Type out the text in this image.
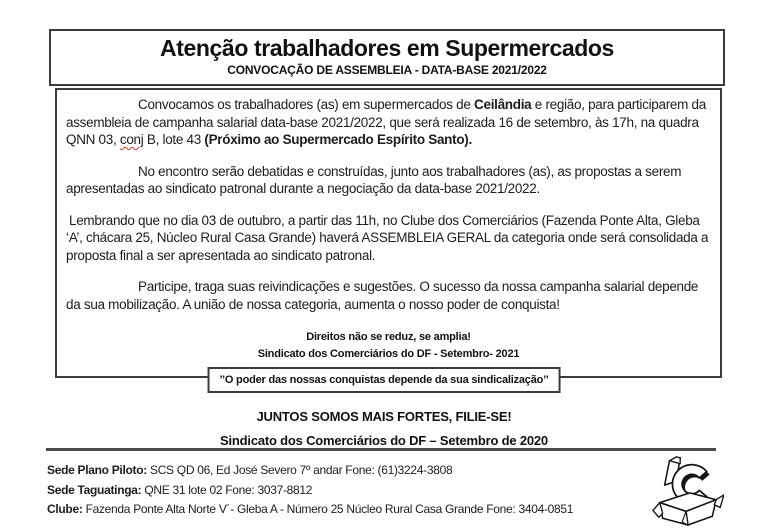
Atenção trabalhadores em Supermercados
CONVOCAÇÃO DE ASSEMBLEIA - DATA-BASE 2021/2022

Convocamos os trabalhadores (as) em supermercados de Ceilândia e região, para participarem da assembleia de campanha salarial data-base 2021/2022, que será realizada 16 de setembro, às 17h, na quadra QNN 03, conj B, lote 43 (Próximo ao Supermercado Espírito Santo).

No encontro serão debatidas e construídas, junto aos trabalhadores (as), as propostas a serem apresentadas ao sindicato patronal durante a negociação da data-base 2021/2022.

Lembrando que no dia 03 de outubro, a partir das 11h, no Clube dos Comerciários (Fazenda Ponte Alta, Gleba ‘A’, chácara 25, Núcleo Rural Casa Grande) haverá ASSEMBLEIA GERAL da categoria onde será consolidada a proposta final a ser apresentada ao sindicato patronal.

Participe, traga suas reivindicações e sugestões. O sucesso da nossa campanha salarial depende da sua mobilização. A união de nossa categoria, aumenta o nosso poder de conquista!

Direitos não se reduz, se amplia!
Sindicato dos Comerciários do DF - Setembro- 2021
’’O poder das nossas conquistas depende da sua sindicalização’’
JUNTOS SOMOS MAIS FORTES, FILIE-SE!
Sindicato dos Comerciários do DF – Setembro de 2020
Sede Plano Piloto: SCS QD 06, Ed José Severo 7º andar Fone: (61)3224-3808
Sede Taguatinga: QNE 31 lote 02 Fone: 3037-8812
Clube: Fazenda Ponte Alta Norte V´- Gleba A - Número 25 Núcleo Rural Casa Grande Fone: 3404-0851
